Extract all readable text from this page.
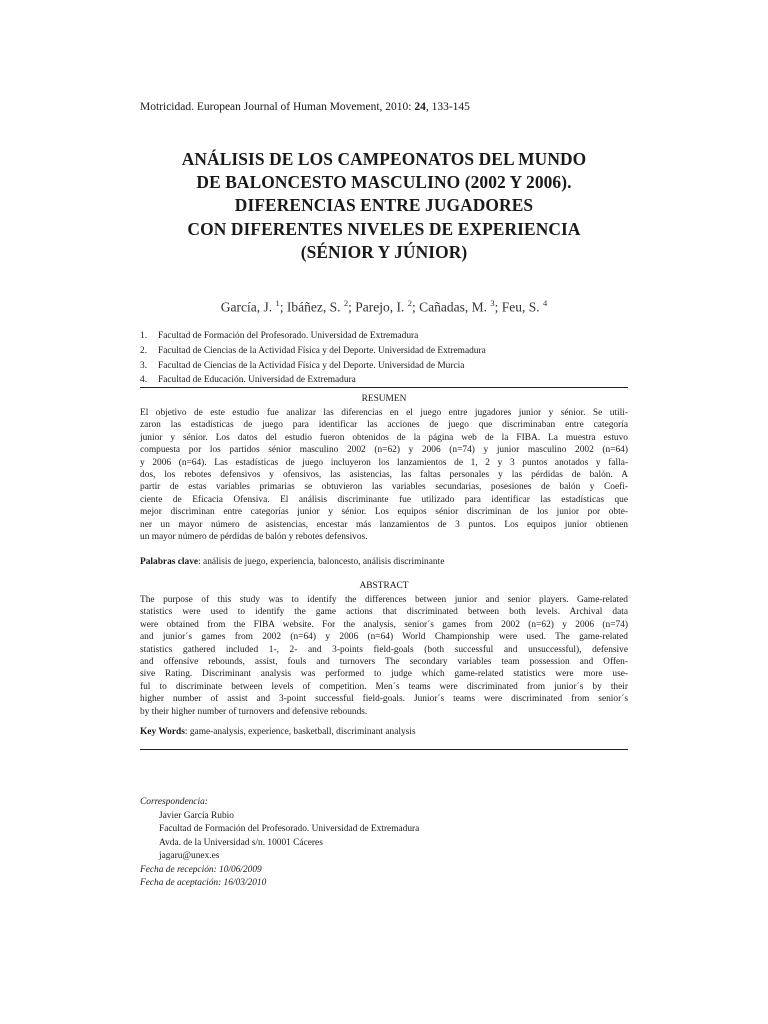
Motricidad. European Journal of Human Movement, 2010: 24, 133-145
ANÁLISIS DE LOS CAMPEONATOS DEL MUNDO
DE BALONCESTO MASCULINO (2002 Y 2006).
DIFERENCIAS ENTRE JUGADORES
CON DIFERENTES NIVELES DE EXPERIENCIA
(SÉNIOR Y JÚNIOR)
García, J. $^1$; Ibáñez, S. $^2$; Parejo, I. $^2$; Cañadas, M. $^3$; Feu, S. $^4$
1. Facultad de Formación del Profesorado. Universidad de Extremadura
2. Facultad de Ciencias de la Actividad Física y del Deporte. Universidad de Extremadura
3. Facultad de Ciencias de la Actividad Física y del Deporte. Universidad de Murcia
4. Facultad de Educación. Universidad de Extremadura
RESUMEN
El objetivo de este estudio fue analizar las diferencias en el juego entre jugadores junior y sénior. Se utili-
zaron las estadísticas de juego para identificar las acciones de juego que discriminaban entre categoría
junior y sénior. Los datos del estudio fueron obtenidos de la página web de la FIBA. La muestra estuvo
compuesta por los partidos sénior masculino 2002 (n=62) y 2006 (n=74) y junior masculino 2002 (n=64)
y 2006 (n=64). Las estadísticas de juego incluyeron los lanzamientos de 1, 2 y 3 puntos anotados y falla-
dos, los rebotes defensivos y ofensivos, las asistencias, las faltas personales y las pérdidas de balón. A
partir de estas variables primarias se obtuvieron las variables secundarias, posesiones de balón y Coefi-
ciente de Eficacia Ofensiva. El análisis discriminante fue utilizado para identificar las estadísticas que
mejor discriminan entre categorías junior y sénior. Los equipos sénior discriminan de los junior por obte-
ner un mayor número de asistencias, encestar más lanzamientos de 3 puntos. Los equipos junior obtienen
un mayor número de pérdidas de balón y rebotes defensivos.
Palabras clave: análisis de juego, experiencia, baloncesto, análisis discriminante
ABSTRACT
The purpose of this study was to identify the differences between junior and senior players. Game-related
statistics were used to identify the game actions that discriminated between both levels. Archival data
were obtained from the FIBA website. For the analysis, senior´s games from 2002 (n=62) y 2006 (n=74)
and junior´s games from 2002 (n=64) y 2006 (n=64) World Championship were used. The game-related
statistics gathered included 1-, 2- and 3-points field-goals (both successful and unsuccessful), defensive
and offensive rebounds, assist, fouls and turnovers The secondary variables team possession and Offen-
sive Rating. Discriminant analysis was performed to judge which game-related statistics were more use-
ful to discriminate between levels of competition. Men´s teams were discriminated from junior´s by their
higher number of assist and 3-point successful field-goals. Junior´s teams were discriminated from senior´s
by their higher number of turnovers and defensive rebounds.
Key Words: game-analysis, experience, basketball, discriminant analysis
Correspondencia:
Javier García Rubio
Facultad de Formación del Profesorado. Universidad de Extremadura
Avda. de la Universidad s/n. 10001 Cáceres
jagaru@unex.es
Fecha de recepción: 10/06/2009
Fecha de aceptación: 16/03/2010
